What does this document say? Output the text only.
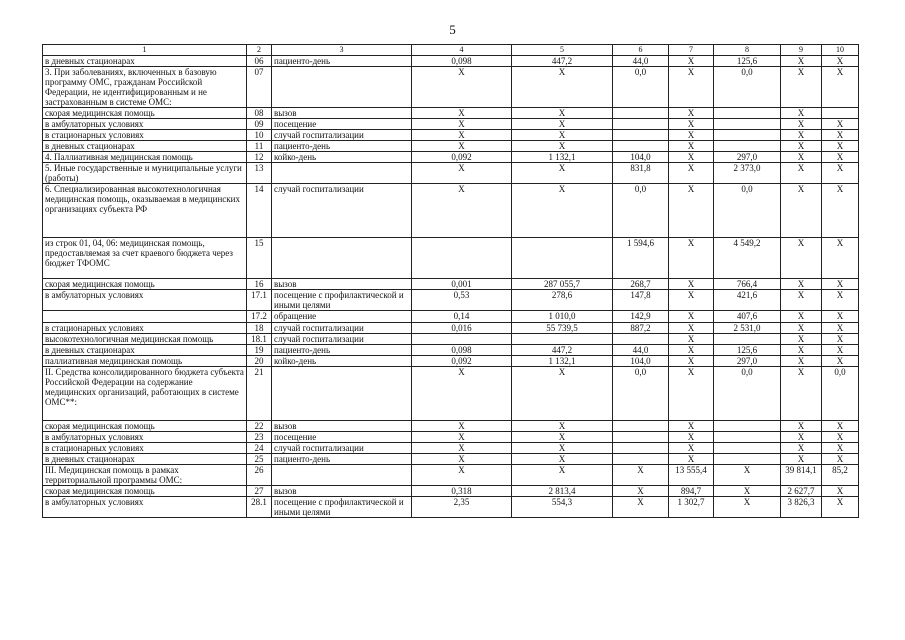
5
1	2	3	4	5	6	7	8	9	10
в дневных стационарах	06	пациенто-день	0,098	447,2	44,0	Х	125,6	Х	Х
3. При заболеваниях, включенных в базовую программу ОМС, гражданам Российской Федерации, не идентифицированным и не застрахованным в системе ОМС:	07		Х	Х	0,0	Х	0,0	Х	Х
скорая медицинская помощь	08	вызов	Х	Х		Х		Х	
в амбулаторных условиях	09	посещение	Х	Х		Х		Х	Х
в стационарных условиях	10	случай госпитализации	Х	Х		Х		Х	Х
в дневных стационарах	11	пациенто-день	Х	Х		Х		Х	Х
4. Паллиативная медицинская помощь	12	койко-день	0,092	1 132,1	104,0	Х	297,0	Х	Х
5. Иные государственные и муниципальные услуги (работы)	13		Х	Х	831,8	Х	2 373,0	Х	Х
6. Специализированная высокотехнологичная медицинская помощь, оказываемая в медицинских организациях субъекта РФ	14	случай госпитализации	Х	Х	0,0	Х	0,0	Х	Х
из строк 01, 04, 06: медицинская помощь, предоставляемая за счет краевого бюджета через бюджет ТФОМС	15				1 594,6	Х	4 549,2	Х	Х
скорая медицинская помощь	16	вызов	0,001	287 055,7	268,7	Х	766,4	Х	Х
в амбулаторных условиях	17.1	посещение с профилактической и иными целями	0,53	278,6	147,8	Х	421,6	Х	Х
	17.2	обращение	0,14	1 010,0	142,9	Х	407,6	Х	Х
в стационарных условиях	18	случай госпитализации	0,016	55 739,5	887,2	Х	2 531,0	Х	Х
высокотехнологичная медицинская помощь	18.1	случай госпитализации				Х		Х	Х
в дневных стационарах	19	пациенто-день	0,098	447,2	44,0	Х	125,6	Х	Х
паллиативная медицинская помощь	20	койко-день	0,092	1 132,1	104,0	Х	297,0	Х	Х
II. Средства консолидированного бюджета субъекта Российской Федерации на содержание медицинских организаций, работающих в системе ОМС**:	21		Х	Х	0,0	Х	0,0	Х	0,0
скорая медицинская помощь	22	вызов	Х	Х		Х		Х	Х
в амбулаторных условиях	23	посещение	Х	Х		Х		Х	Х
в стационарных условиях	24	случай госпитализации	Х	Х		Х		Х	Х
в дневных стационарах	25	пациенто-день	Х	Х		Х		Х	Х
III. Медицинская помощь в рамках территориальной программы ОМС:	26		Х	Х	Х	13 555,4	Х	39 814,1	85,2
скорая медицинская помощь	27	вызов	0,318	2 813,4	Х	894,7	Х	2 627,7	Х
в амбулаторных условиях	28.1	посещение с профилактической и иными целями	2,35	554,3	Х	1 302,7	Х	3 826,3	Х
